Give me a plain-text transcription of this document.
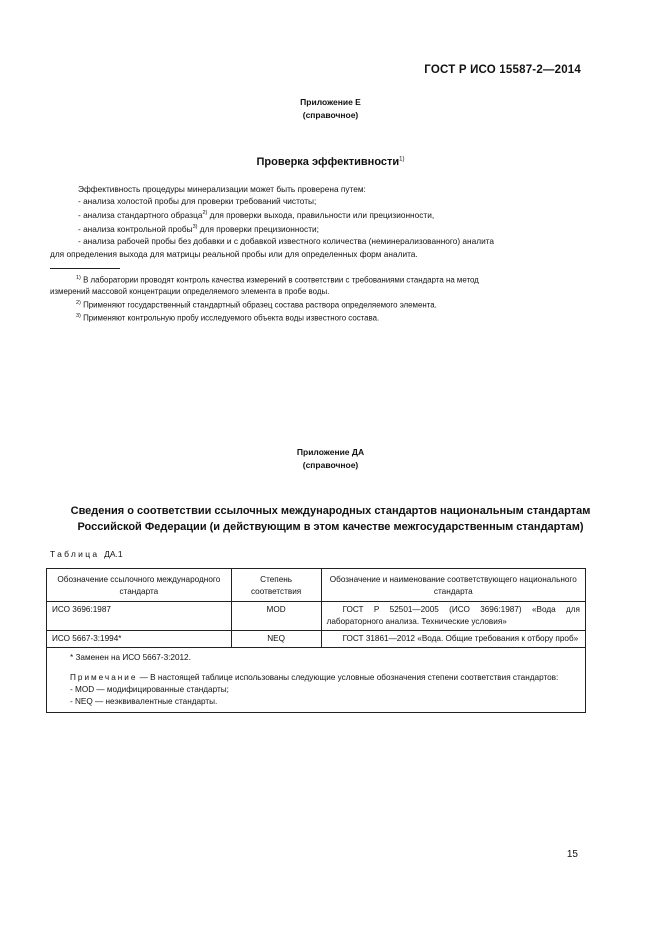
ГОСТ Р ИСО 15587-2—2014
Приложение Е
(справочное)
Проверка эффективности$^{1)}$

Эффективность процедуры минерализации может быть проверена путем:

- анализа холостой пробы для проверки требований чистоты;

- анализа стандартного образца$^{2)}$ для проверки выхода, правильности или прецизионности,

- анализа контрольной пробы$^{3)}$ для проверки прецизионности;

- анализа рабочей пробы без добавки и с добавкой известного количества (неминерализованного) аналита

для определения выхода для матрицы реальной пробы или для определенных форм аналита.

$^{1)}$ В лаборатории проводят контроль качества измерений в соответствии с требованиями стандарта на метод

измерений массовой концентрации определяемого элемента в пробе воды.

$^{2)}$ Применяют государственный стандартный образец состава раствора определяемого элемента.

$^{3)}$ Применяют контрольную пробу исследуемого объекта воды известного состава.

Приложение ДА
(справочное)
Сведения о соответствии ссылочных международных стандартов национальным стандартам
Российской Федерации (и действующим в этом качестве межгосударственным стандартам)
Таблица ДА.1
Обозначение ссылочного международного стандарта	Степень соответствия	Обозначение и наименование соответствующего национального стандарта
ИСО 3696:1987	MOD	ГОСТ Р 52501—2005 (ИСО 3696:1987) «Вода для лабораторного анализа. Технические условия»
ИСО 5667-3:1994*	NEQ	ГОСТ 31861—2012 «Вода. Общие требования к отбору проб»

* Заменен на ИСО 5667-3:2012.
Примечание — В настоящей таблице использованы следующие условные обозначения степени соответствия стандартов:
- MOD — модифицированные стандарты;
- NEQ — неэквивалентные стандарты.		
15
